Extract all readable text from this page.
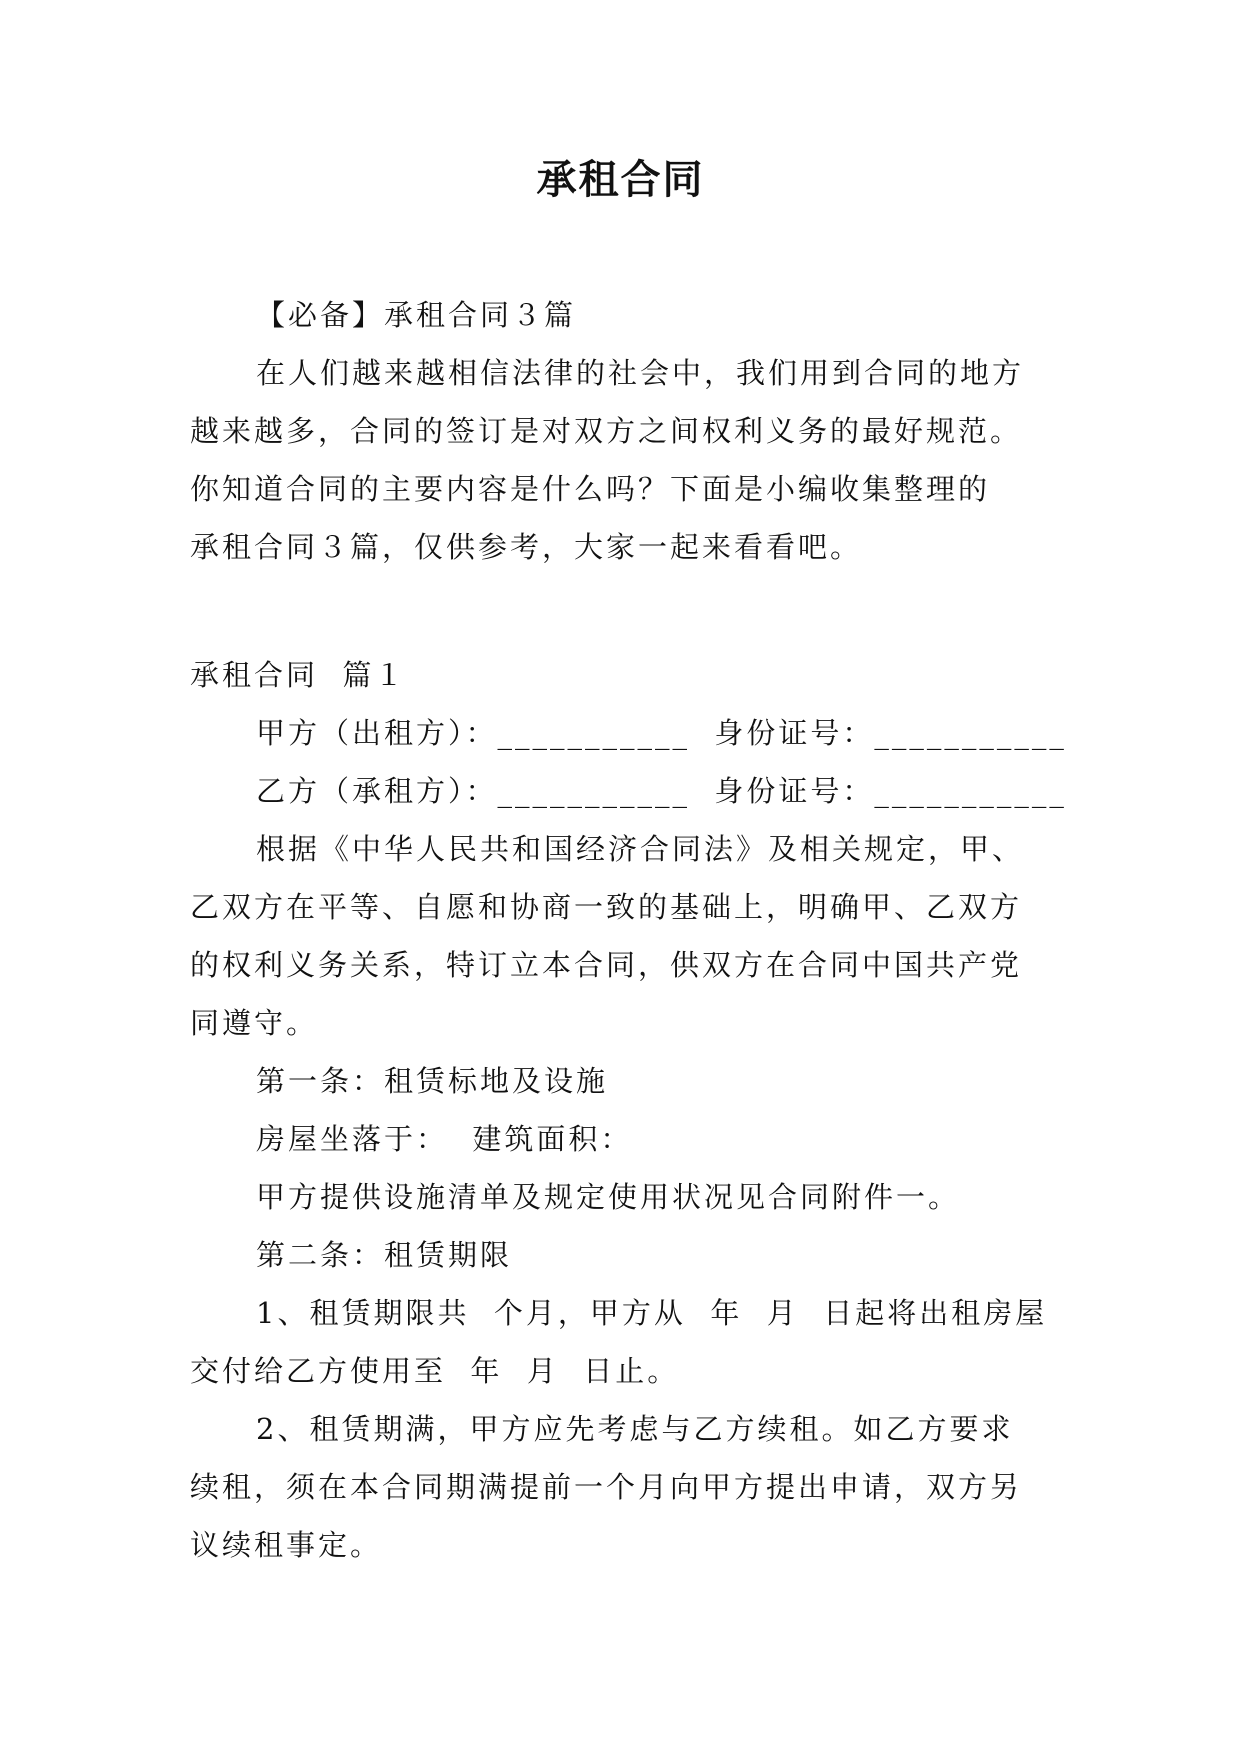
承租合同
【必备】承租合同３篇
在人们越来越相信法律的社会中，我们用到合同的地方
越来越多，合同的签订是对双方之间权利义务的最好规范。
你知道合同的主要内容是什么吗？下面是小编收集整理的
承租合同３篇，仅供参考，大家一起来看看吧。
承租合同  篇１
甲方（出租方）：___________  身份证号：___________
乙方（承租方）：___________  身份证号：___________
根据《中华人民共和国经济合同法》及相关规定，甲、
乙双方在平等、自愿和协商一致的基础上，明确甲、乙双方
的权利义务关系，特订立本合同，供双方在合同中国共产党
同遵守。
第一条：租赁标地及设施
房屋坐落于：  建筑面积：
甲方提供设施清单及规定使用状况见合同附件一。
第二条：租赁期限
1、租赁期限共  个月，甲方从  年  月  日起将出租房屋
交付给乙方使用至  年  月  日止。
2、租赁期满，甲方应先考虑与乙方续租。如乙方要求
续租，须在本合同期满提前一个月向甲方提出申请，双方另
议续租事定。
